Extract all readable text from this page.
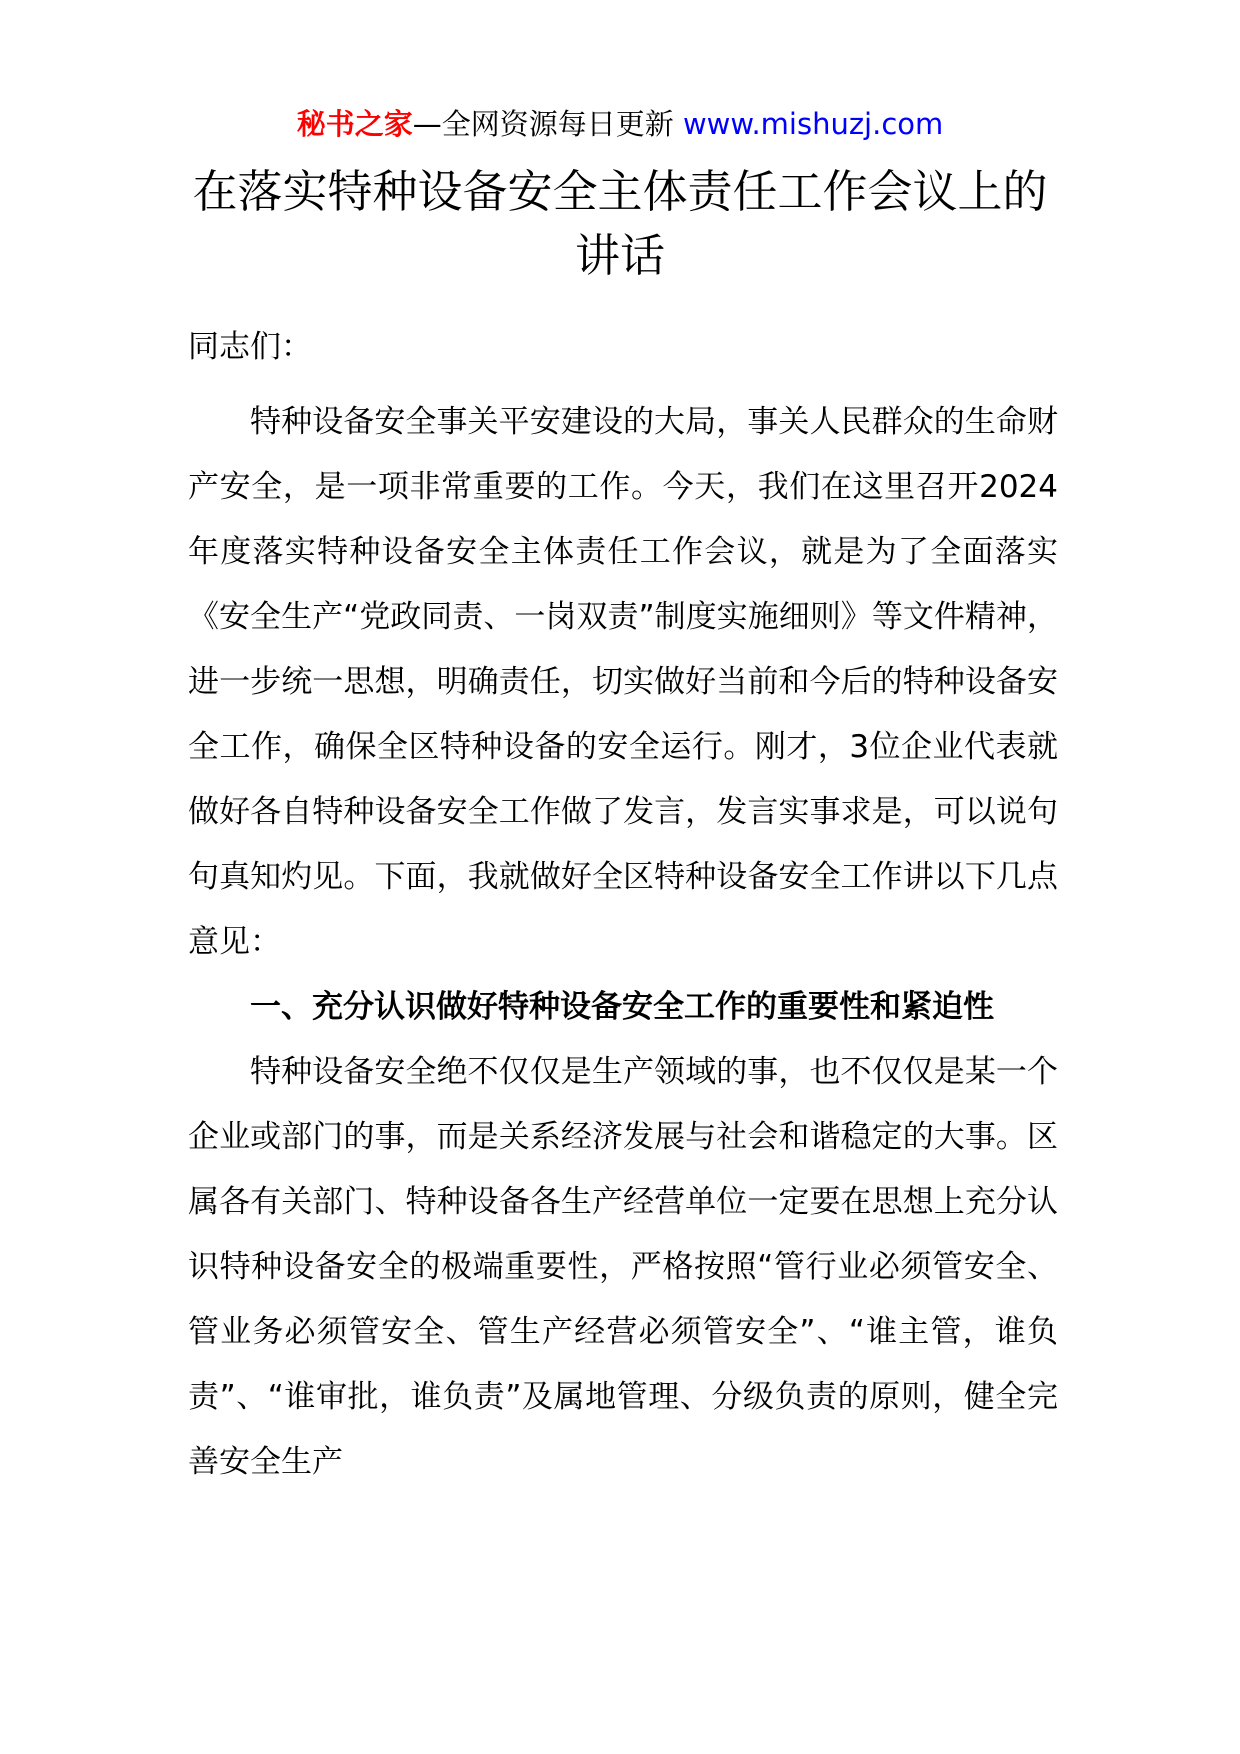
秘书之家—全网资源每日更新 www.mishuzj.com
在落实特种设备安全主体责任工作会议上的讲话

同志们：

特种设备安全事关平安建设的大局，事关人民群众的生命财产安全，是一项非常重要的工作。今天，我们在这里召开2024年度落实特种设备安全主体责任工作会议，就是为了全面落实《安全生产“党政同责、一岗双责”制度实施细则》等文件精神，进一步统一思想，明确责任，切实做好当前和今后的特种设备安全工作，确保全区特种设备的安全运行。刚才，3位企业代表就做好各自特种设备安全工作做了发言，发言实事求是，可以说句句真知灼见。下面，我就做好全区特种设备安全工作讲以下几点意见：

一、充分认识做好特种设备安全工作的重要性和紧迫性

特种设备安全绝不仅仅是生产领域的事，也不仅仅是某一个企业或部门的事，而是关系经济发展与社会和谐稳定的大事。区属各有关部门、特种设备各生产经营单位一定要在思想上充分认识特种设备安全的极端重要性，严格按照“管行业必须管安全、管业务必须管安全、管生产经营必须管安全”、“谁主管，谁负责”、“谁审批，谁负责”及属地管理、分级负责的原则，健全完善安全生产
